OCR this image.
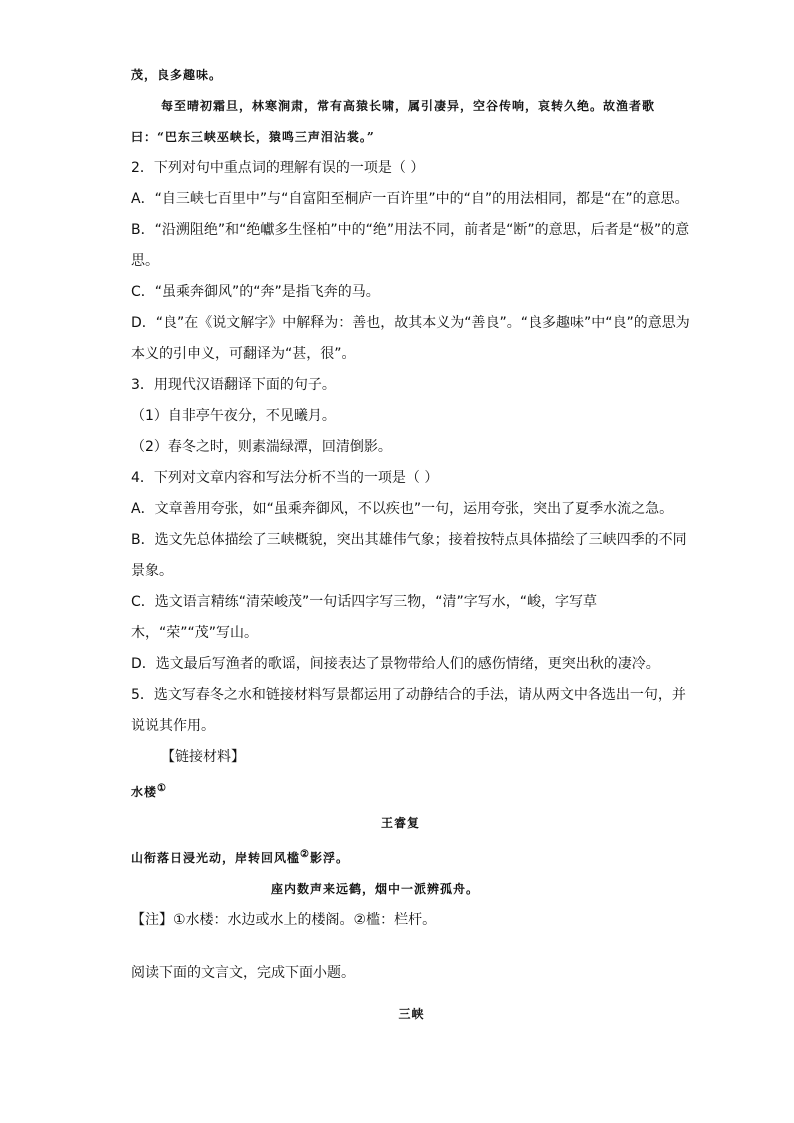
茂，良多趣味。

每至晴初霜旦，林寒涧肃，常有高猿长啸，属引凄异，空谷传响，哀转久绝。故渔者歌曰：“巴东三峡巫峡长，猿鸣三声泪沾裳。”

2．下列对句中重点词的理解有误的一项是（ ）

A．“自三峡七百里中”与“自富阳至桐庐一百许里”中的“自”的用法相同，都是“在”的意思。

B．“沿溯阻绝”和“绝巘多生怪柏”中的“绝”用法不同，前者是“断”的意思，后者是“极”的意思。

C．“虽乘奔御风”的“奔”是指飞奔的马。

D．“良”在《说文解字》中解释为：善也，故其本义为“善良”。“良多趣味”中“良”的意思为本义的引申义，可翻译为“甚，很”。

3．用现代汉语翻译下面的句子。

（1）自非亭午夜分，不见曦月。

（2）春冬之时，则素湍绿潭，回清倒影。

4．下列对文章内容和写法分析不当的一项是（ ）

A．文章善用夸张，如“虽乘奔御风，不以疾也”一句，运用夸张，突出了夏季水流之急。

B．选文先总体描绘了三峡概貌，突出其雄伟气象；接着按特点具体描绘了三峡四季的不同景象。

C．选文语言精练“清荣峻茂”一句话四字写三物，“清”字写水，“峻，字写草木，“荣”“茂”写山。

D．选文最后写渔者的歌谣，间接表达了景物带给人们的感伤情绪，更突出秋的凄冷。

5．选文写春冬之水和链接材料写景都运用了动静结合的手法，请从两文中各选出一句，并说说其作用。

【链接材料】

水楼①

王睿复

山衔落日浸光动，岸转回风槛②影浮。

座内数声来远鹤，烟中一派辨孤舟。

【注】①水楼：水边或水上的楼阁。②槛：栏杆。

阅读下面的文言文，完成下面小题。

三峡
